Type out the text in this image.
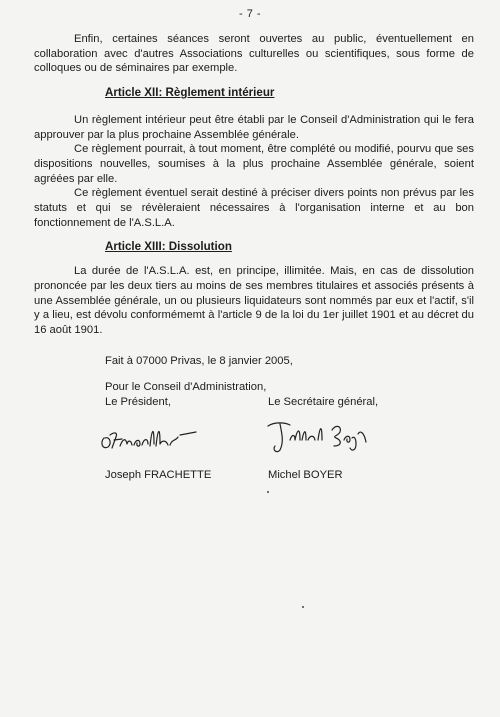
- 7 -

Enfin, certaines séances seront ouvertes au public, éventuellement en collaboration avec d'autres Associations culturelles ou scientifiques, sous forme de colloques ou de séminaires par exemple.

Article XII: Règlement intérieur

Un règlement intérieur peut être établi par le Conseil d'Administration qui le fera approuver par la plus prochaine Assemblée générale.

Ce règlement pourrait, à tout moment, être complété ou modifié, pourvu que ses dispositions nouvelles, soumises à la plus prochaine Assemblée générale, soient agréées par elle.

Ce règlement éventuel serait destiné à préciser divers points non prévus par les statuts et qui se révèleraient nécessaires à l'organisation interne et au bon fonctionnement de l'A.S.L.A.

Article XIII: Dissolution

La durée de l'A.S.L.A. est, en principe, illimitée. Mais, en cas de dissolution prononcée par les deux tiers au moins de ses membres titulaires et associés présents à une Assemblée générale, un ou plusieurs liquidateurs sont nommés par eux et l'actif, s'il y a lieu, est dévolu conformémemt à l'article 9 de la loi du 1er juillet 1901 et au décret du 16 août 1901.

Fait à 07000 Privas, le 8 janvier 2005,
Pour le Conseil d'Administration,
Le Président,	Le Secrétaire général,
Joseph FRACHETTE	Michel BOYER
